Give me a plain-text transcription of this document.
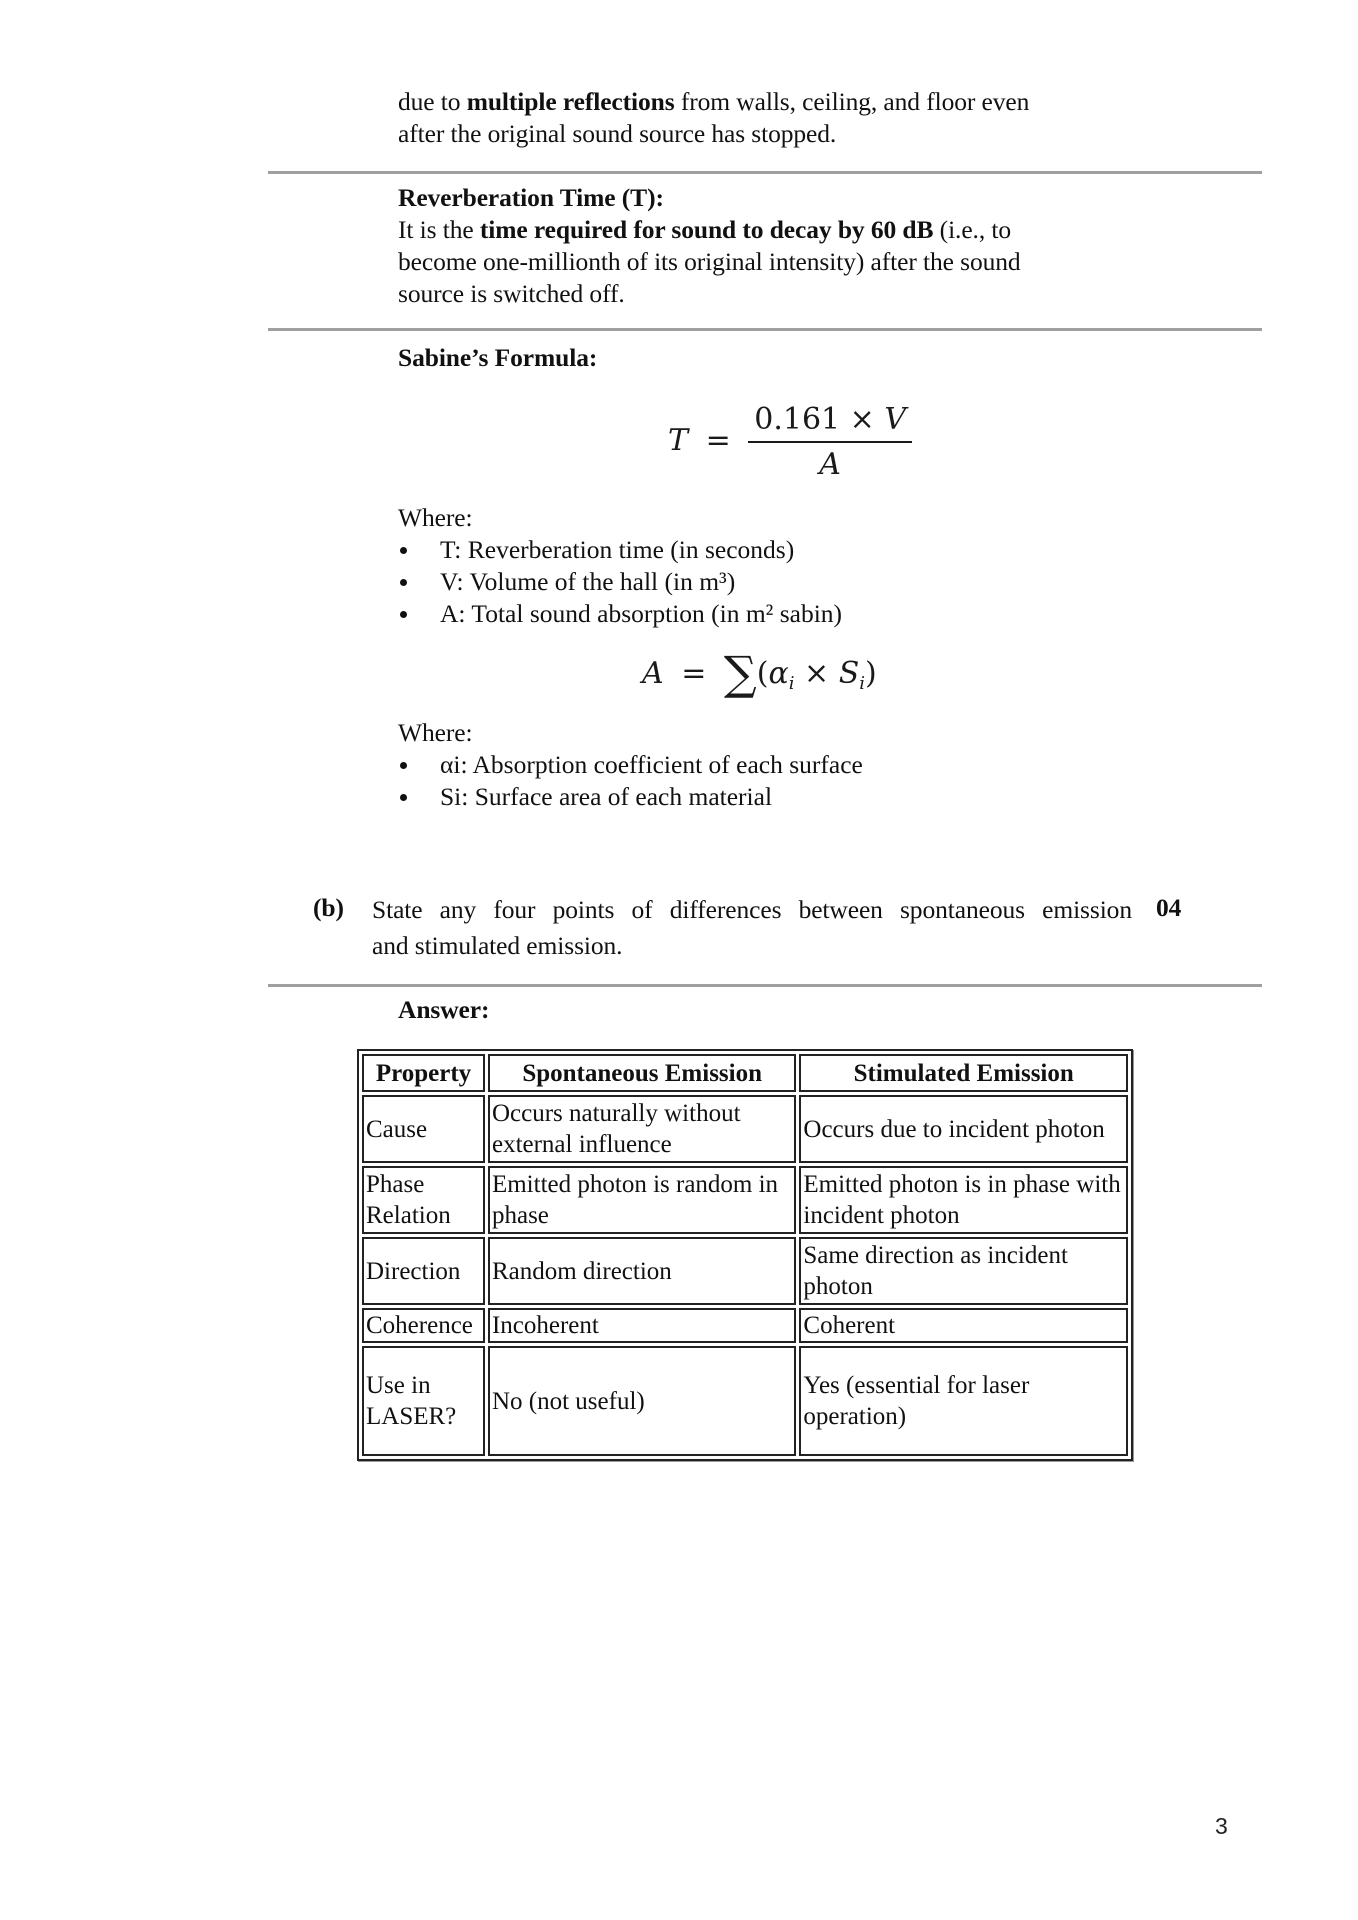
due to multiple reflections from walls, ceiling, and floor even
after the original sound source has stopped.
Reverberation Time (T):
It is the time required for sound to decay by 60 dB (i.e., to
become one-millionth of its original intensity) after the sound
source is switched off.
Sabine’s Formula:
$T = \frac{0.161 \times V}{A}$
Where:
T: Reverberation time (in seconds)
V: Volume of the hall (in m³)
A: Total sound absorption (in m² sabin)
$A = \sum(\alpha_i \times S_i)$
Where:
αi: Absorption coefficient of each surface
Si: Surface area of each material
(b) State any four points of differences between spontaneous emission
and stimulated emission.
04
Answer:
Property	Spontaneous Emission	Stimulated Emission
Cause	Occurs naturally without external influence	Occurs due to incident photon
Phase Relation	Emitted photon is random in phase	Emitted photon is in phase with incident photon
Direction	Random direction	Same direction as incident photon
Coherence	Incoherent	Coherent
Use in LASER?	No (not useful)	Yes (essential for laser operation)
3
